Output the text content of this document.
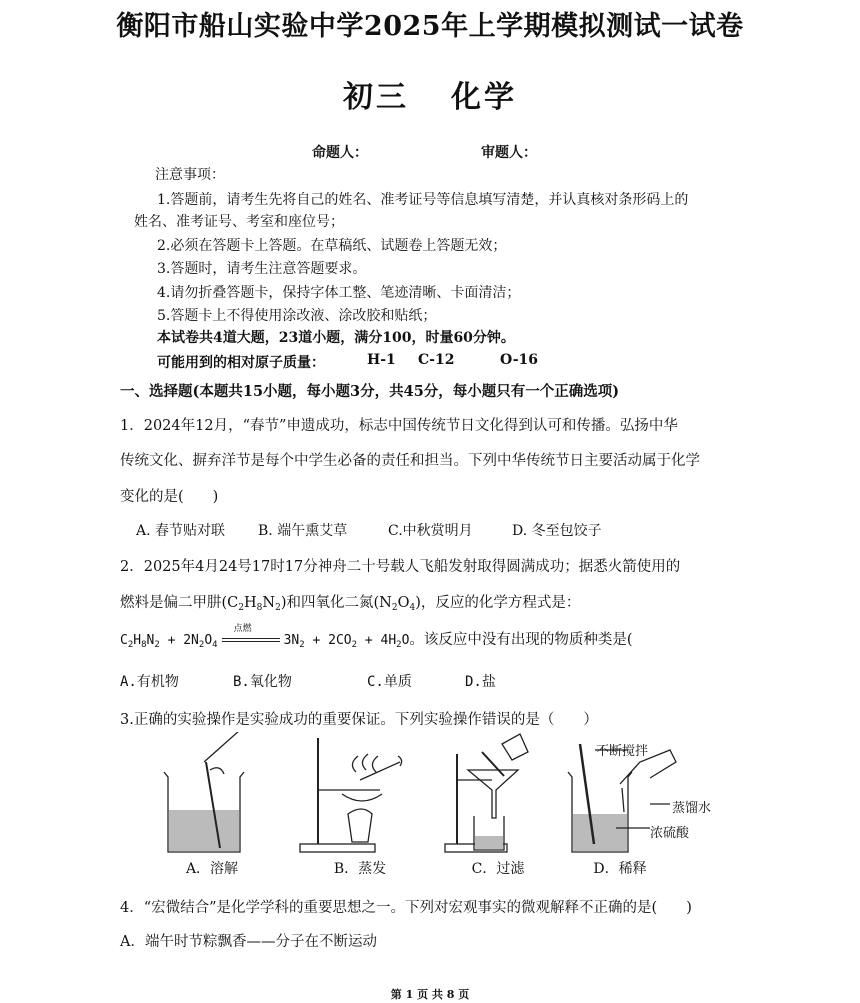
衡阳市船山实验中学2025年上学期模拟测试一试卷
初三 化学
命题人：	审题人：
注意事项：
1.答题前，请考生先将自己的姓名、准考证号等信息填写清楚，并认真核对条形码上的
姓名、准考证号、考室和座位号；
2.必须在答题卡上答题。在草稿纸、试题卷上答题无效；
3.答题时，请考生注意答题要求。
4.请勿折叠答题卡，保持字体工整、笔迹清晰、卡面清洁；
5.答题卡上不得使用涂改液、涂改胶和贴纸；
本试卷共4道大题，23道小题，满分100，时量60分钟。
可能用到的相对原子质量：	H-1 C-12	O-16
一、选择题(本题共15小题，每小题3分，共45分，每小题只有一个正确选项)
1．2024年12月，“春节”申遗成功，标志中国传统节日文化得到认可和传播。弘扬中华
传统文化、摒弃洋节是每个中学生必备的责任和担当。下列中华传统节日主要活动属于化学
变化的是(　　)
A. 春节贴对联 B. 端午熏艾草	C.中秋赏明月	D. 冬至包饺子
2．2025年4月24号17时17分神舟二十号载人飞船发射取得圆满成功；据悉火箭使用的
燃料是偏二甲肼$(C_2H_8N_2)$和四氧化二氮$(N_2O_4)$，反应的化学方程式是：
$C_2H_8N_2 + 2N_2O_4$
点燃
$3N_2 + 2CO_2 + 4H_2O$。该反应中没有出现的物质种类是(
A.有机物	B.氧化物	C.单质	D.盐
3.正确的实验操作是实验成功的重要保证。下列实验操作错误的是（　　）
不断搅拌
蒸馏水
浓硫酸
A．溶解	B．蒸发	C．过滤	D．稀释
4．“宏微结合”是化学学科的重要思想之一。下列对宏观事实的微观解释不正确的是(　　)
A．端午时节粽飘香——分子在不断运动
第 1 页 共 8 页
